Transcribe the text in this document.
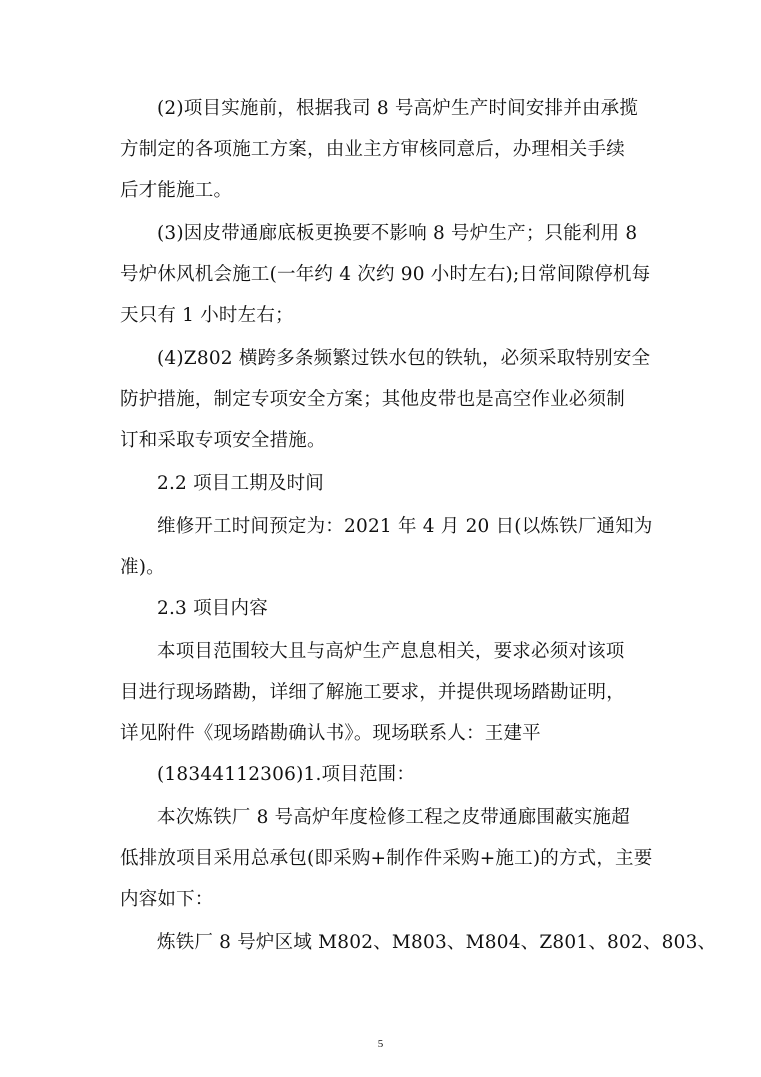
(2)项目实施前，根据我司 8 号高炉生产时间安排并由承揽
方制定的各项施工方案，由业主方审核同意后，办理相关手续
后才能施工。
(3)因皮带通廊底板更换要不影响 8 号炉生产；只能利用 8
号炉休风机会施工(一年约 4 次约 90 小时左右);日常间隙停机每
天只有 1 小时左右；
(4)Z802 横跨多条频繁过铁水包的铁轨，必须采取特别安全
防护措施，制定专项安全方案；其他皮带也是高空作业必须制
订和采取专项安全措施。
2.2 项目工期及时间
维修开工时间预定为：2021 年 4 月 20 日(以炼铁厂通知为
准)。
2.3 项目内容
本项目范围较大且与高炉生产息息相关，要求必须对该项
目进行现场踏勘，详细了解施工要求，并提供现场踏勘证明，
详见附件《现场踏勘确认书》。现场联系人：王建平
(18344112306)1.项目范围：
本次炼铁厂 8 号高炉年度检修工程之皮带通廊围蔽实施超
低排放项目采用总承包(即采购+制作件采购+施工)的方式，主要
内容如下：
炼铁厂 8 号炉区域 M802、M803、M804、Z801、802、803、
5
